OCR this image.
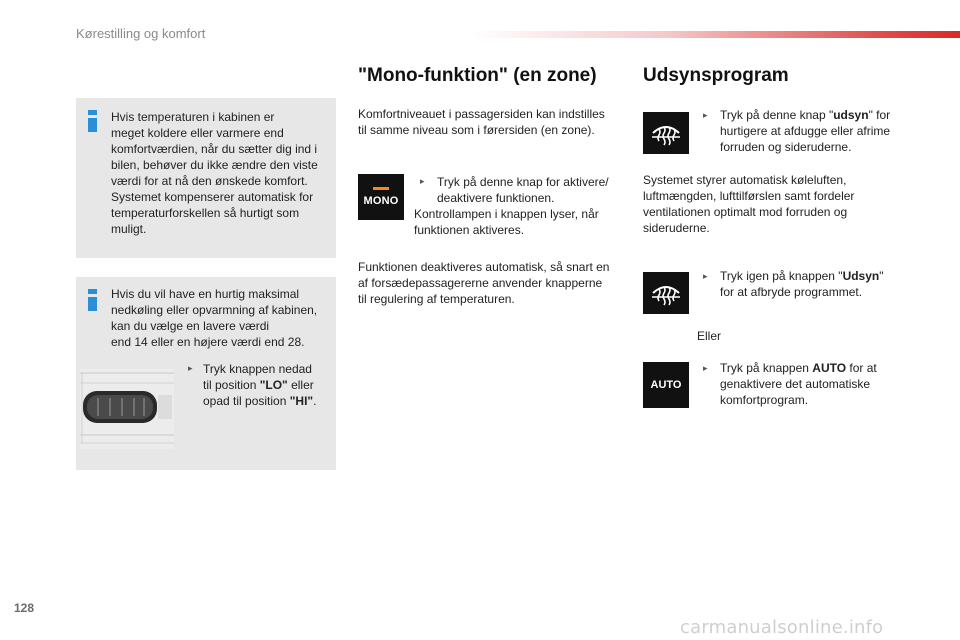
Kørestilling og komfort
Hvis temperaturen i kabinen er
meget koldere eller varmere end
komfortværdien, når du sætter dig ind i
bilen, behøver du ikke ændre den viste
værdi for at nå den ønskede komfort.
Systemet kompenserer automatisk for
temperaturforskellen så hurtigt som
muligt.
Hvis du vil have en hurtig maksimal
nedkøling eller opvarmning af kabinen,
kan du vælge en lavere værdi
end 14 eller en højere værdi end 28.
▸ Tryk knappen nedad
til position "LO" eller
opad til position "HI".
"Mono-funktion" (en zone)
Komfortniveauet i passagersiden kan indstilles
til samme niveau som i førersiden (en zone).
MONO
▸ Tryk på denne knap for aktivere/
deaktivere funktionen.
Kontrollampen i knappen lyser, når
funktionen aktiveres.
Funktionen deaktiveres automatisk, så snart en
af forsædepassagererne anvender knapperne
til regulering af temperaturen.
Udsynsprogram
▸ Tryk på denne knap "udsyn" for
hurtigere at afdugge eller afrime
forruden og sideruderne.
Systemet styrer automatisk køleluften,
luftmængden, lufttilførslen samt fordeler
ventilationen optimalt mod forruden og
sideruderne.
▸ Tryk igen på knappen "Udsyn"
for at afbryde programmet.
Eller
AUTO
▸ Tryk på knappen AUTO for at
genaktivere det automatiske
komfortprogram.
128
carmanualsonline.info
